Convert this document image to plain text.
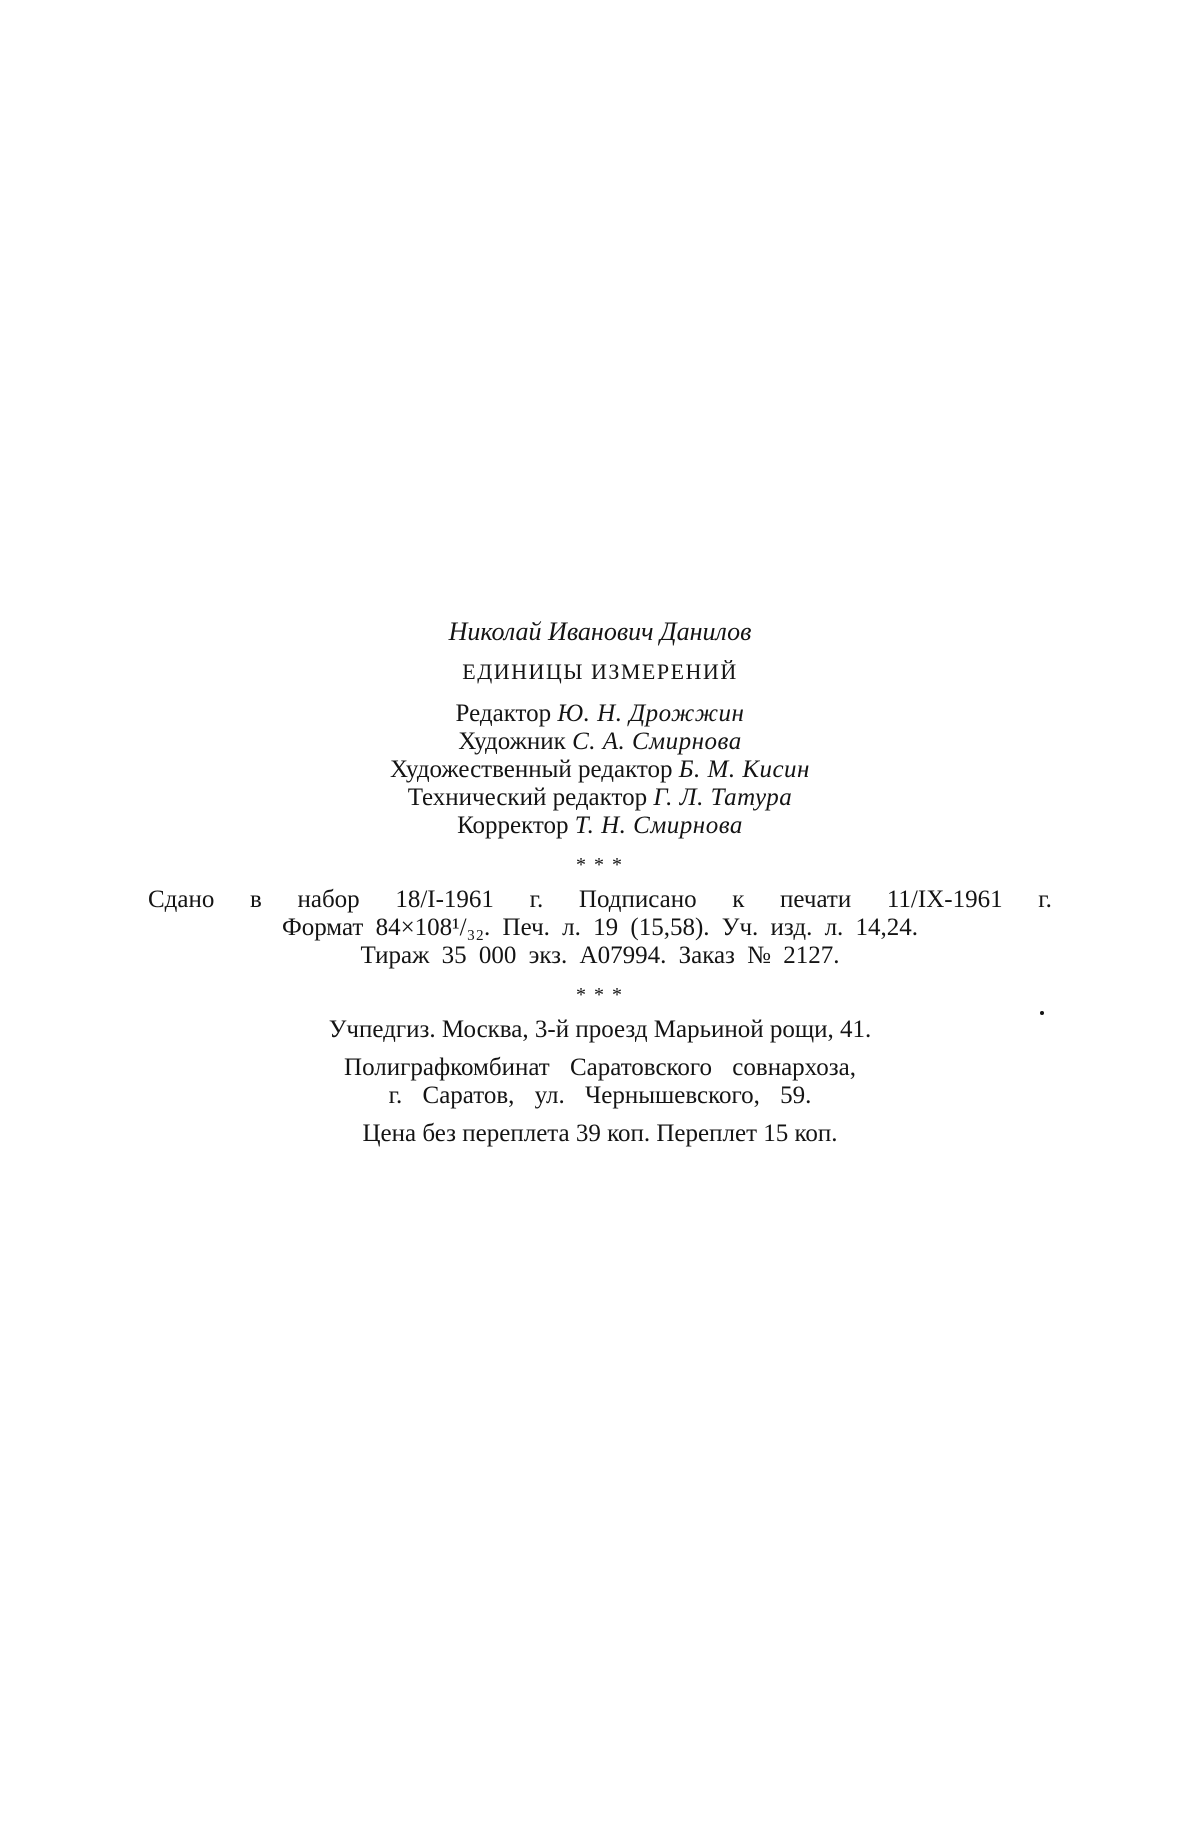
Николай Иванович Данилов
ЕДИНИЦЫ ИЗМЕРЕНИЙ
Редактор Ю. Н. Дрожжин
Художник С. А. Смирнова
Художественный редактор Б. М. Кисин
Технический редактор Г. Л. Татура
Корректор Т. Н. Смирнова
* * *
Сдано в набор 18/I-1961 г. Подписано к печати 11/IX-1961 г.
Формат 84×108¹/₃₂. Печ. л. 19 (15,58). Уч. изд. л. 14,24.
Тираж 35 000 экз. А07994. Заказ № 2127.
* * *
Учпедгиз. Москва, 3-й проезд Марьиной рощи, 41.
Полиграфкомбинат Саратовского совнархоза,
г. Саратов, ул. Чернышевского, 59.
Цена без переплета 39 коп. Переплет 15 коп.
